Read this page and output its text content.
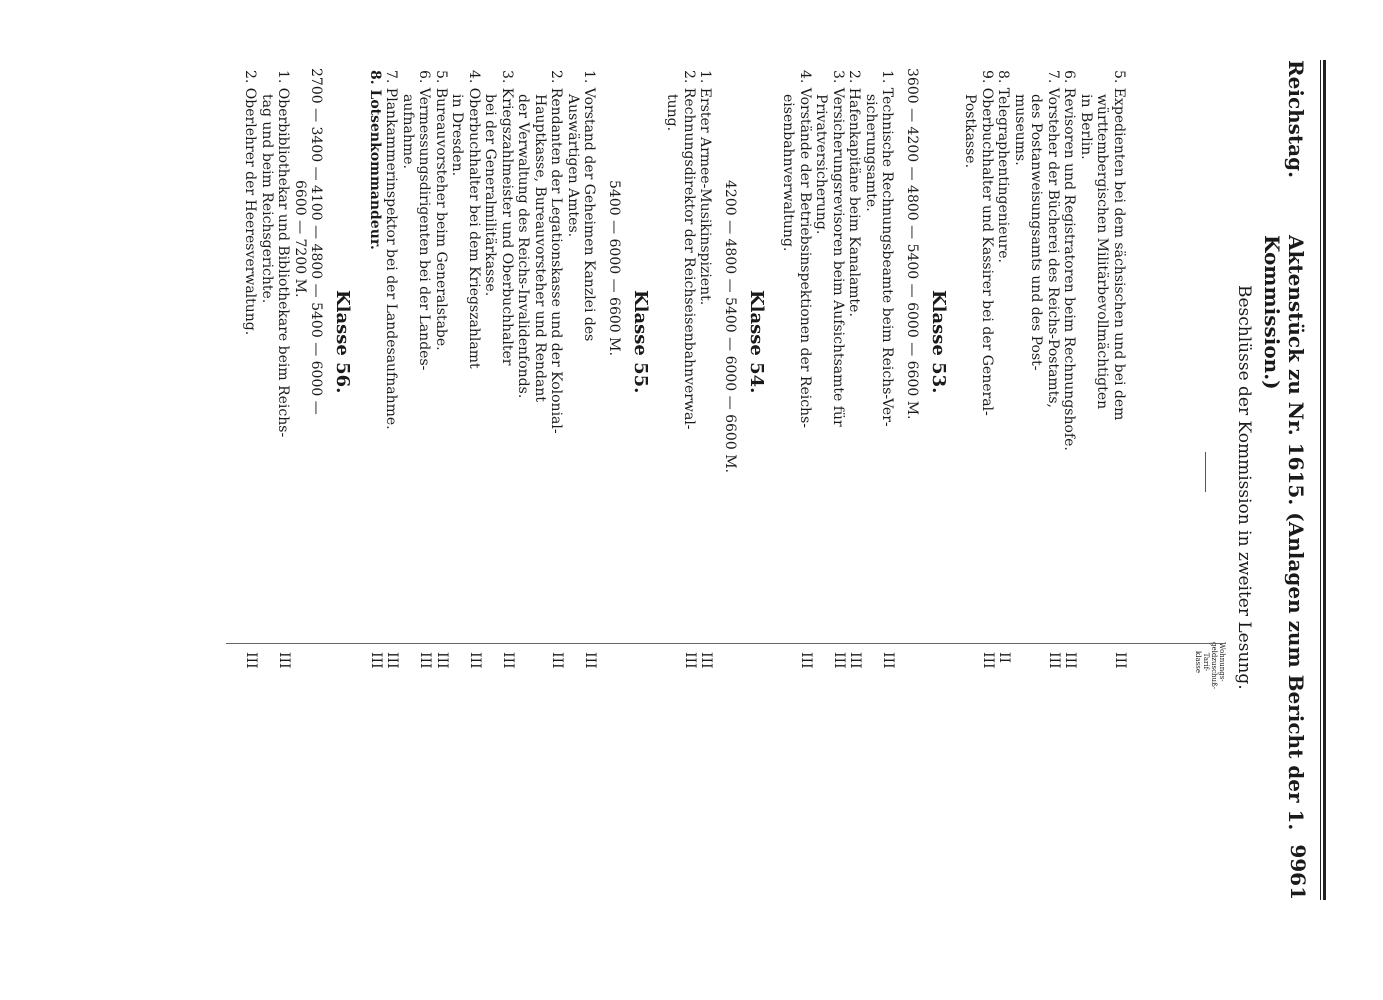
Reichstag.
Aktenstück zu Nr. 1615. (Anlagen zum Bericht der 1. Kommission.)
9961
Beschlüsse der Kommission in zweiter Lesung.
Wohnungs-geldzuschuß-Tarif-klasse
5. Expedienten bei dem sächsischen und bei dem
III
württembergischen Militärbevollmächtigten
in Berlin.
6. Revisoren und Registratoren beim Rechnungshofe.
III
7. Vorsteher der Bücherei des Reichs-Postamts,
III
des Postanweisungsamts und des Post-
museums.
8. Telegraphentingenieure.
II
9. Oberbuchhalter und Kassirer bei der General-
III
Postkasse.
Klasse 53.
3600 — 4200 — 4800 — 5400 — 6000 — 6600 M.
1. Technische Rechnungsbeamte beim Reichs-Ver-
III
sicherungsamte.
2. Hafenkapitäne beim Kanalamte.
III
3. Versicherungsrevisoren beim Aufsichtsamte für
III
Privatversicherung.
4. Vorstände der Betriebsinspektionen der Reichs-
III
eisenbahnverwaltung.
Klasse 54.
4200 — 4800 — 5400 — 6000 — 6600 M.
1. Erster Armee-Musikinspizient.
III
2. Rechnungsdirektor der Reichseisenbahnverwal-
III
tung.
Klasse 55.
5400 — 6000 — 6600 M.
1. Vorstand der Geheimen Kanzlei des
III
Auswärtigen Amtes.
2. Rendanten der Legationskasse und der Kolonial-
III
Hauptkasse, Bureauvorsteher und Rendant
der Verwaltung des Reichs-Invalidenfonds.
3. Kriegszahlmeister und Oberbuchhalter
III
bei der Generalmilitärkasse.
4. Oberbuchhalter bei dem Kriegszahlamt
III
in Dresden.
5. Bureauvorsteher beim Generalstabe.
III
6. Vermessungsdirigenten bei der Landes-
III
aufnahme.
7. Plankammerinspektor bei der Landesaufnahme.
III
8. Lotsenkommandeur.
III
Klasse 56.
2700 — 3400 — 4100 — 4800 — 5400 — 6000 —
6600 — 7200 M.
1. Oberbibliothekar und Bibliothekare beim Reichs-
III
tag und beim Reichsgerichte.
2. Oberlehrer der Heeresverwaltung.
III
